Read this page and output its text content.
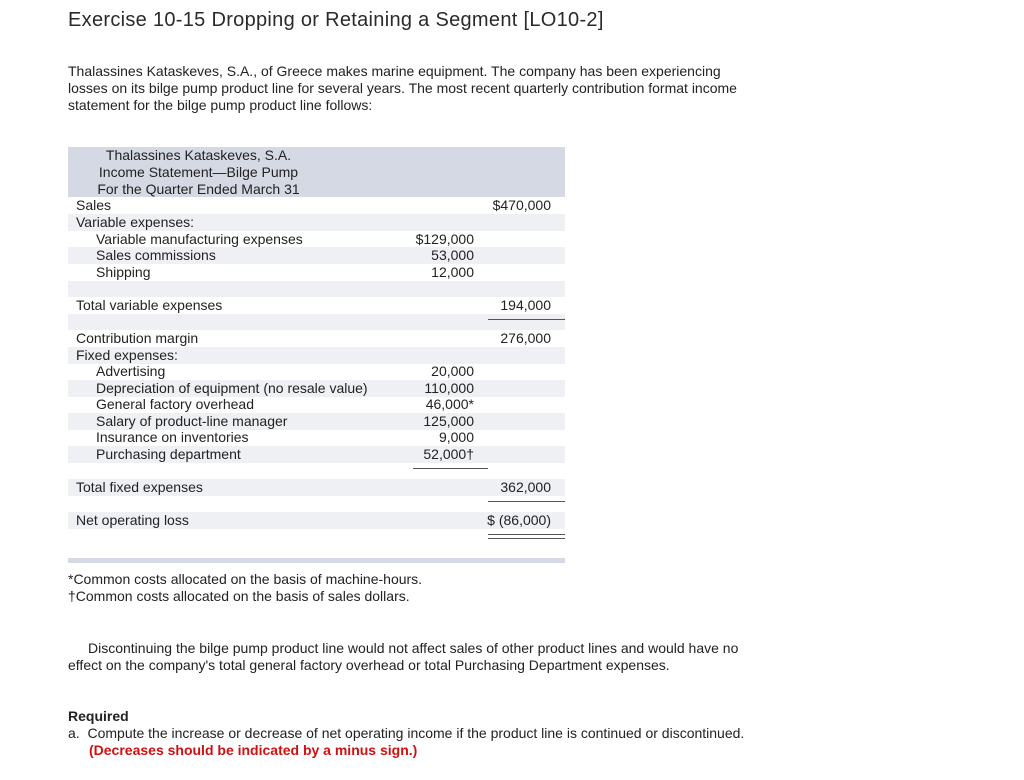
Exercise 10-15 Dropping or Retaining a Segment [LO10-2]
Thalassines Kataskeves, S.A., of Greece makes marine equipment. The company has been experiencing losses on its bilge pump product line for several years. The most recent quarterly contribution format income statement for the bilge pump product line follows:
Thalassines Kataskeves, S.A.
Income Statement—Bilge Pump
For the Quarter Ended March 31
Sales	$470,000
Variable expenses:
Variable manufacturing expenses	$129,000
Sales commissions	53,000
Shipping	12,000
Total variable expenses	194,000
Contribution margin	276,000
Fixed expenses:
Advertising	20,000
Depreciation of equipment (no resale value)	110,000
General factory overhead	46,000*
Salary of product-line manager	125,000
Insurance on inventories	9,000
Purchasing department	52,000†
Total fixed expenses	362,000
Net operating loss	$ (86,000)
*Common costs allocated on the basis of machine-hours.
†Common costs allocated on the basis of sales dollars.
Discontinuing the bilge pump product line would not affect sales of other product lines and would have no effect on the company's total general factory overhead or total Purchasing Department expenses.
Required
a. Compute the increase or decrease of net operating income if the product line is continued or discontinued. (Decreases should be indicated by a minus sign.)
